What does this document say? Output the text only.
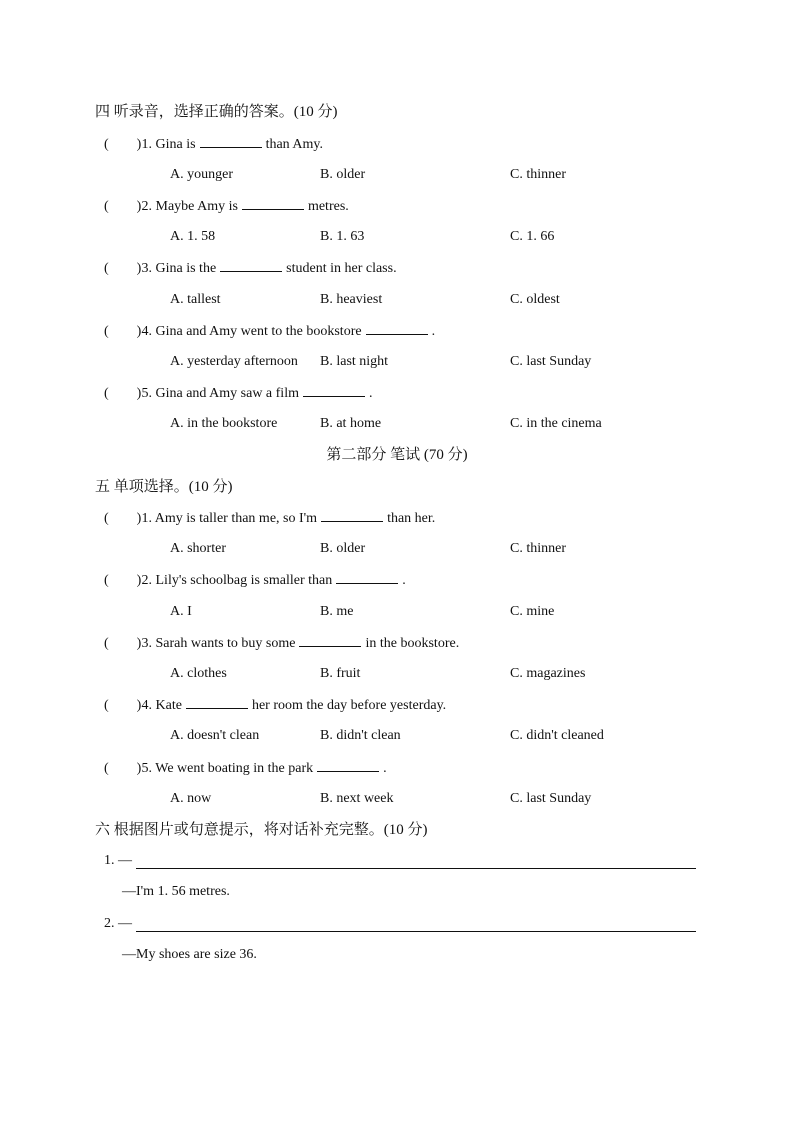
四 听录音，选择正确的答案。(10 分)
( ) 1. Gina is	than Amy.
A. younger	B. older	C. thinner
( ) 2. Maybe Amy is	metres.
A. 1. 58	B. 1. 63	C. 1. 66
( ) 3. Gina is the	student in her class.
A. tallest	B. heaviest	C. oldest
( ) 4. Gina and Amy went to the bookstore	.
A. yesterday afternoon B. last night	C. last Sunday
( ) 5. Gina and Amy saw a film	.
A. in the bookstore	B. at home	C. in the cinema
第二部分 笔试 (70 分)
五 单项选择。(10 分)
( ) 1. Amy is taller than me, so I'm	than her.
A. shorter	B. older	C. thinner
( ) 2. Lily's schoolbag is smaller than	.
A. I	B. me	C. mine
( ) 3. Sarah wants to buy some	in the bookstore.
A. clothes	B. fruit	C. magazines
( ) 4. Kate	her room the day before yesterday.
A. doesn't clean	B. didn't clean	C. didn't cleaned
( ) 5. We went boating in the park	.
A. now	B. next week	C. last Sunday
六 根据图片或句意提示，将对话补充完整。(10 分)
1. —
—I'm 1. 56 metres.
2. —
—My shoes are size 36.
